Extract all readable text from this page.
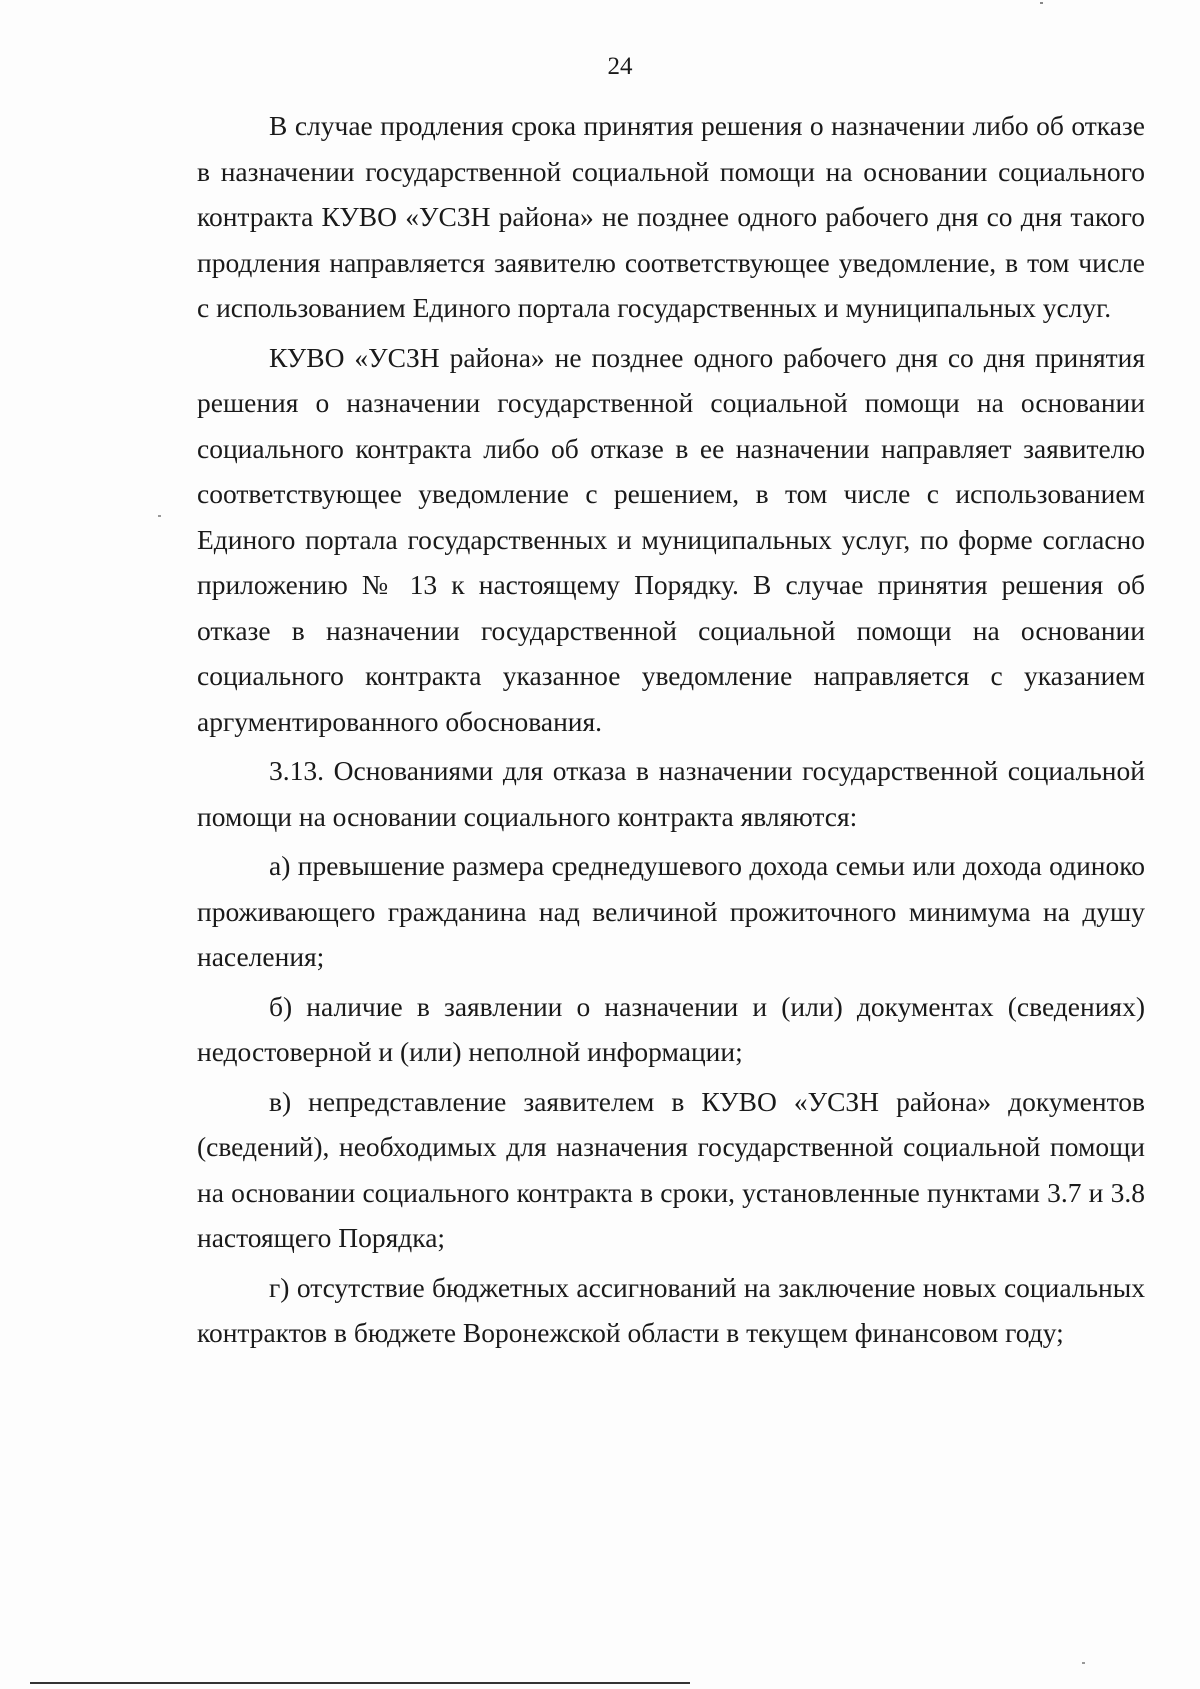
24

В случае продления срока принятия решения о назначении либо об отказе в назначении государственной социальной помощи на основании социального контракта КУВО «УСЗН района» не позднее одного рабочего дня со дня такого продления направляется заявителю соответствующее уведомление, в том числе с использованием Единого портала государственных и муниципальных услуг.

КУВО «УСЗН района» не позднее одного рабочего дня со дня принятия решения о назначении государственной социальной помощи на основании социального контракта либо об отказе в ее назначении направляет заявителю соответствующее уведомление с решением, в том числе с использованием Единого портала государственных и муниципальных услуг, по форме согласно приложению № 13 к настоящему Порядку. В случае принятия решения об отказе в назначении государственной социальной помощи на основании социального контракта указанное уведомление направляется с указанием аргументированного обоснования.

3.13. Основаниями для отказа в назначении государственной социальной помощи на основании социального контракта являются:

а) превышение размера среднедушевого дохода семьи или дохода одиноко проживающего гражданина над величиной прожиточного минимума на душу населения;

б) наличие в заявлении о назначении и (или) документах (сведениях) недостоверной и (или) неполной информации;

в) непредставление заявителем в КУВО «УСЗН района» документов (сведений), необходимых для назначения государственной социальной помощи на основании социального контракта в сроки, установленные пунктами 3.7 и 3.8 настоящего Порядка;

г) отсутствие бюджетных ассигнований на заключение новых социальных контрактов в бюджете Воронежской области в текущем финансовом году;
